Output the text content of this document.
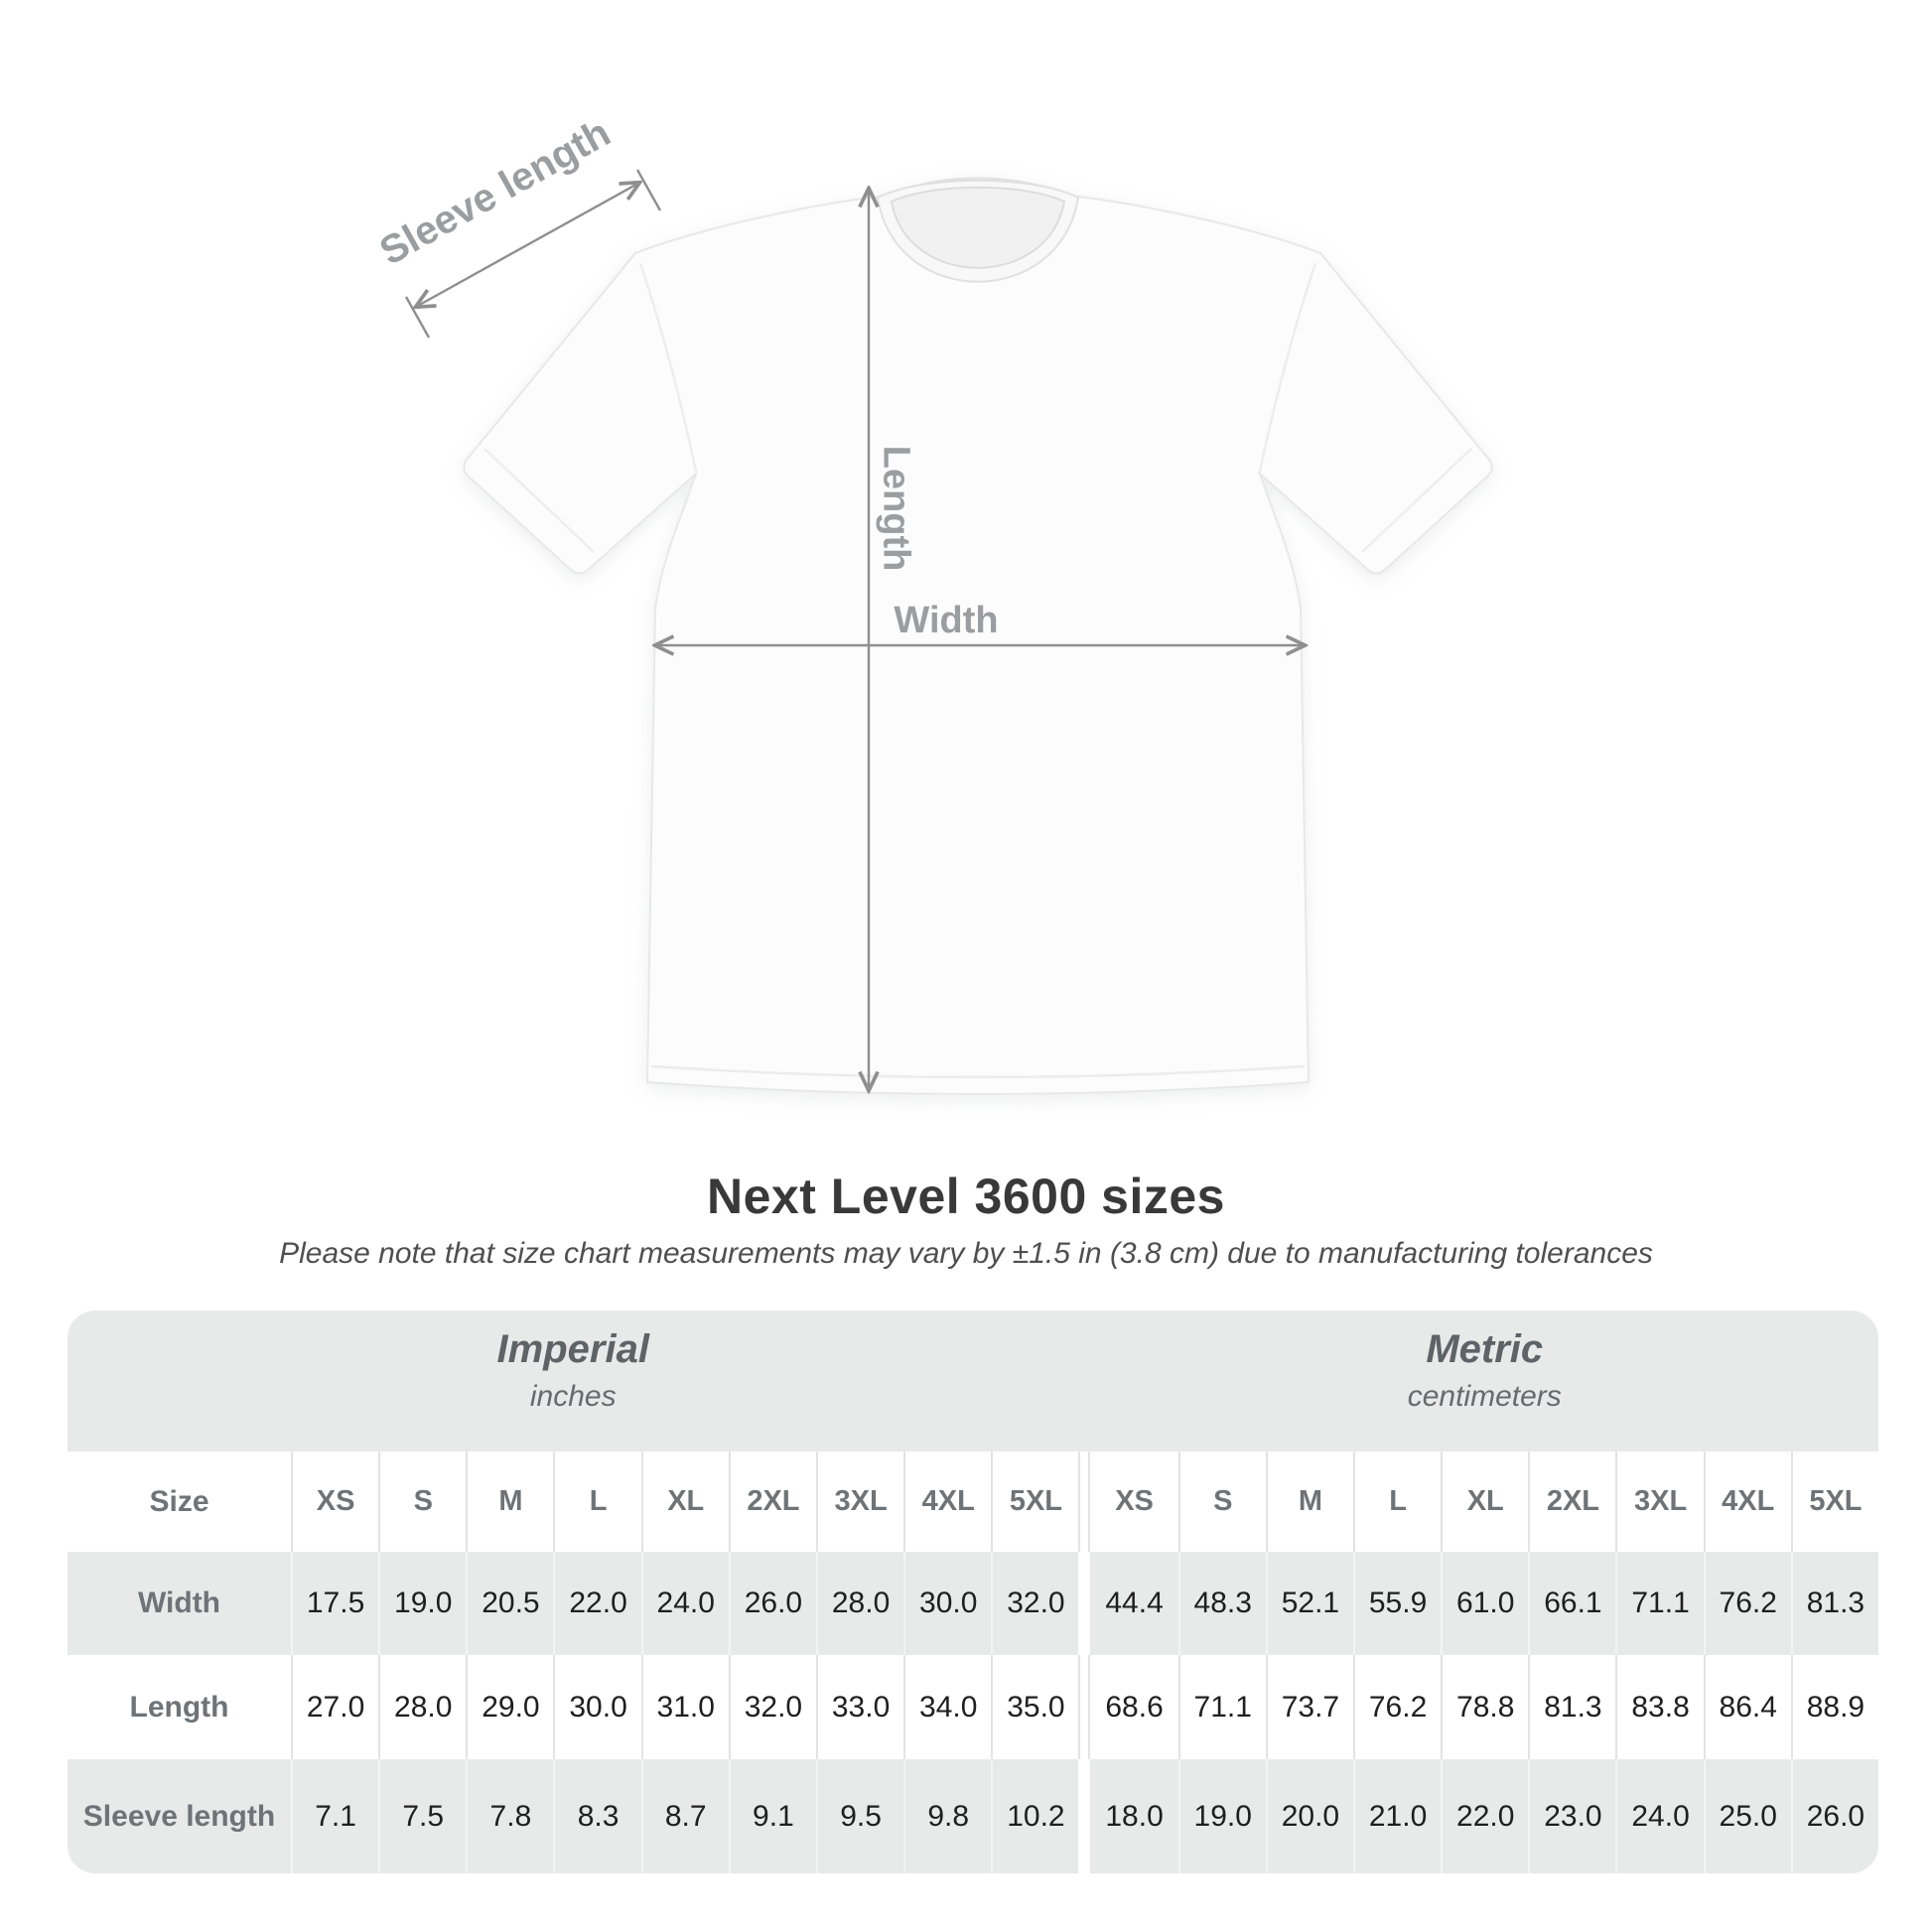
Sleeve length
Length
Width
Next Level 3600 sizes
Please note that size chart measurements may vary by ±1.5 in (3.8 cm) due to manufacturing tolerances
Imperial
inches
Metric
centimeters
Size	XS	S	M	L	XL	2XL	3XL	4XL	5XL	XS	S	M	L	XL	2XL	3XL	4XL	5XL
Width	17.5 19.0 20.5 22.0 24.0 26.0 28.0 30.0 32.0	44.4	48.3 52.1 55.9 61.0 66.1 71.1 76.2 81.3
Length	27.0 28.0 29.0 30.0 31.0 32.0 33.0 34.0 35.0	68.6	71.1 73.7 76.2 78.8 81.3 83.8 86.4 88.9
Sleeve length	7.1	7.5	7.8	8.3	8.7	9.1	9.5	9.8	10.2	18.0	19.0 20.0 21.0 22.0 23.0 24.0 25.0 26.0
